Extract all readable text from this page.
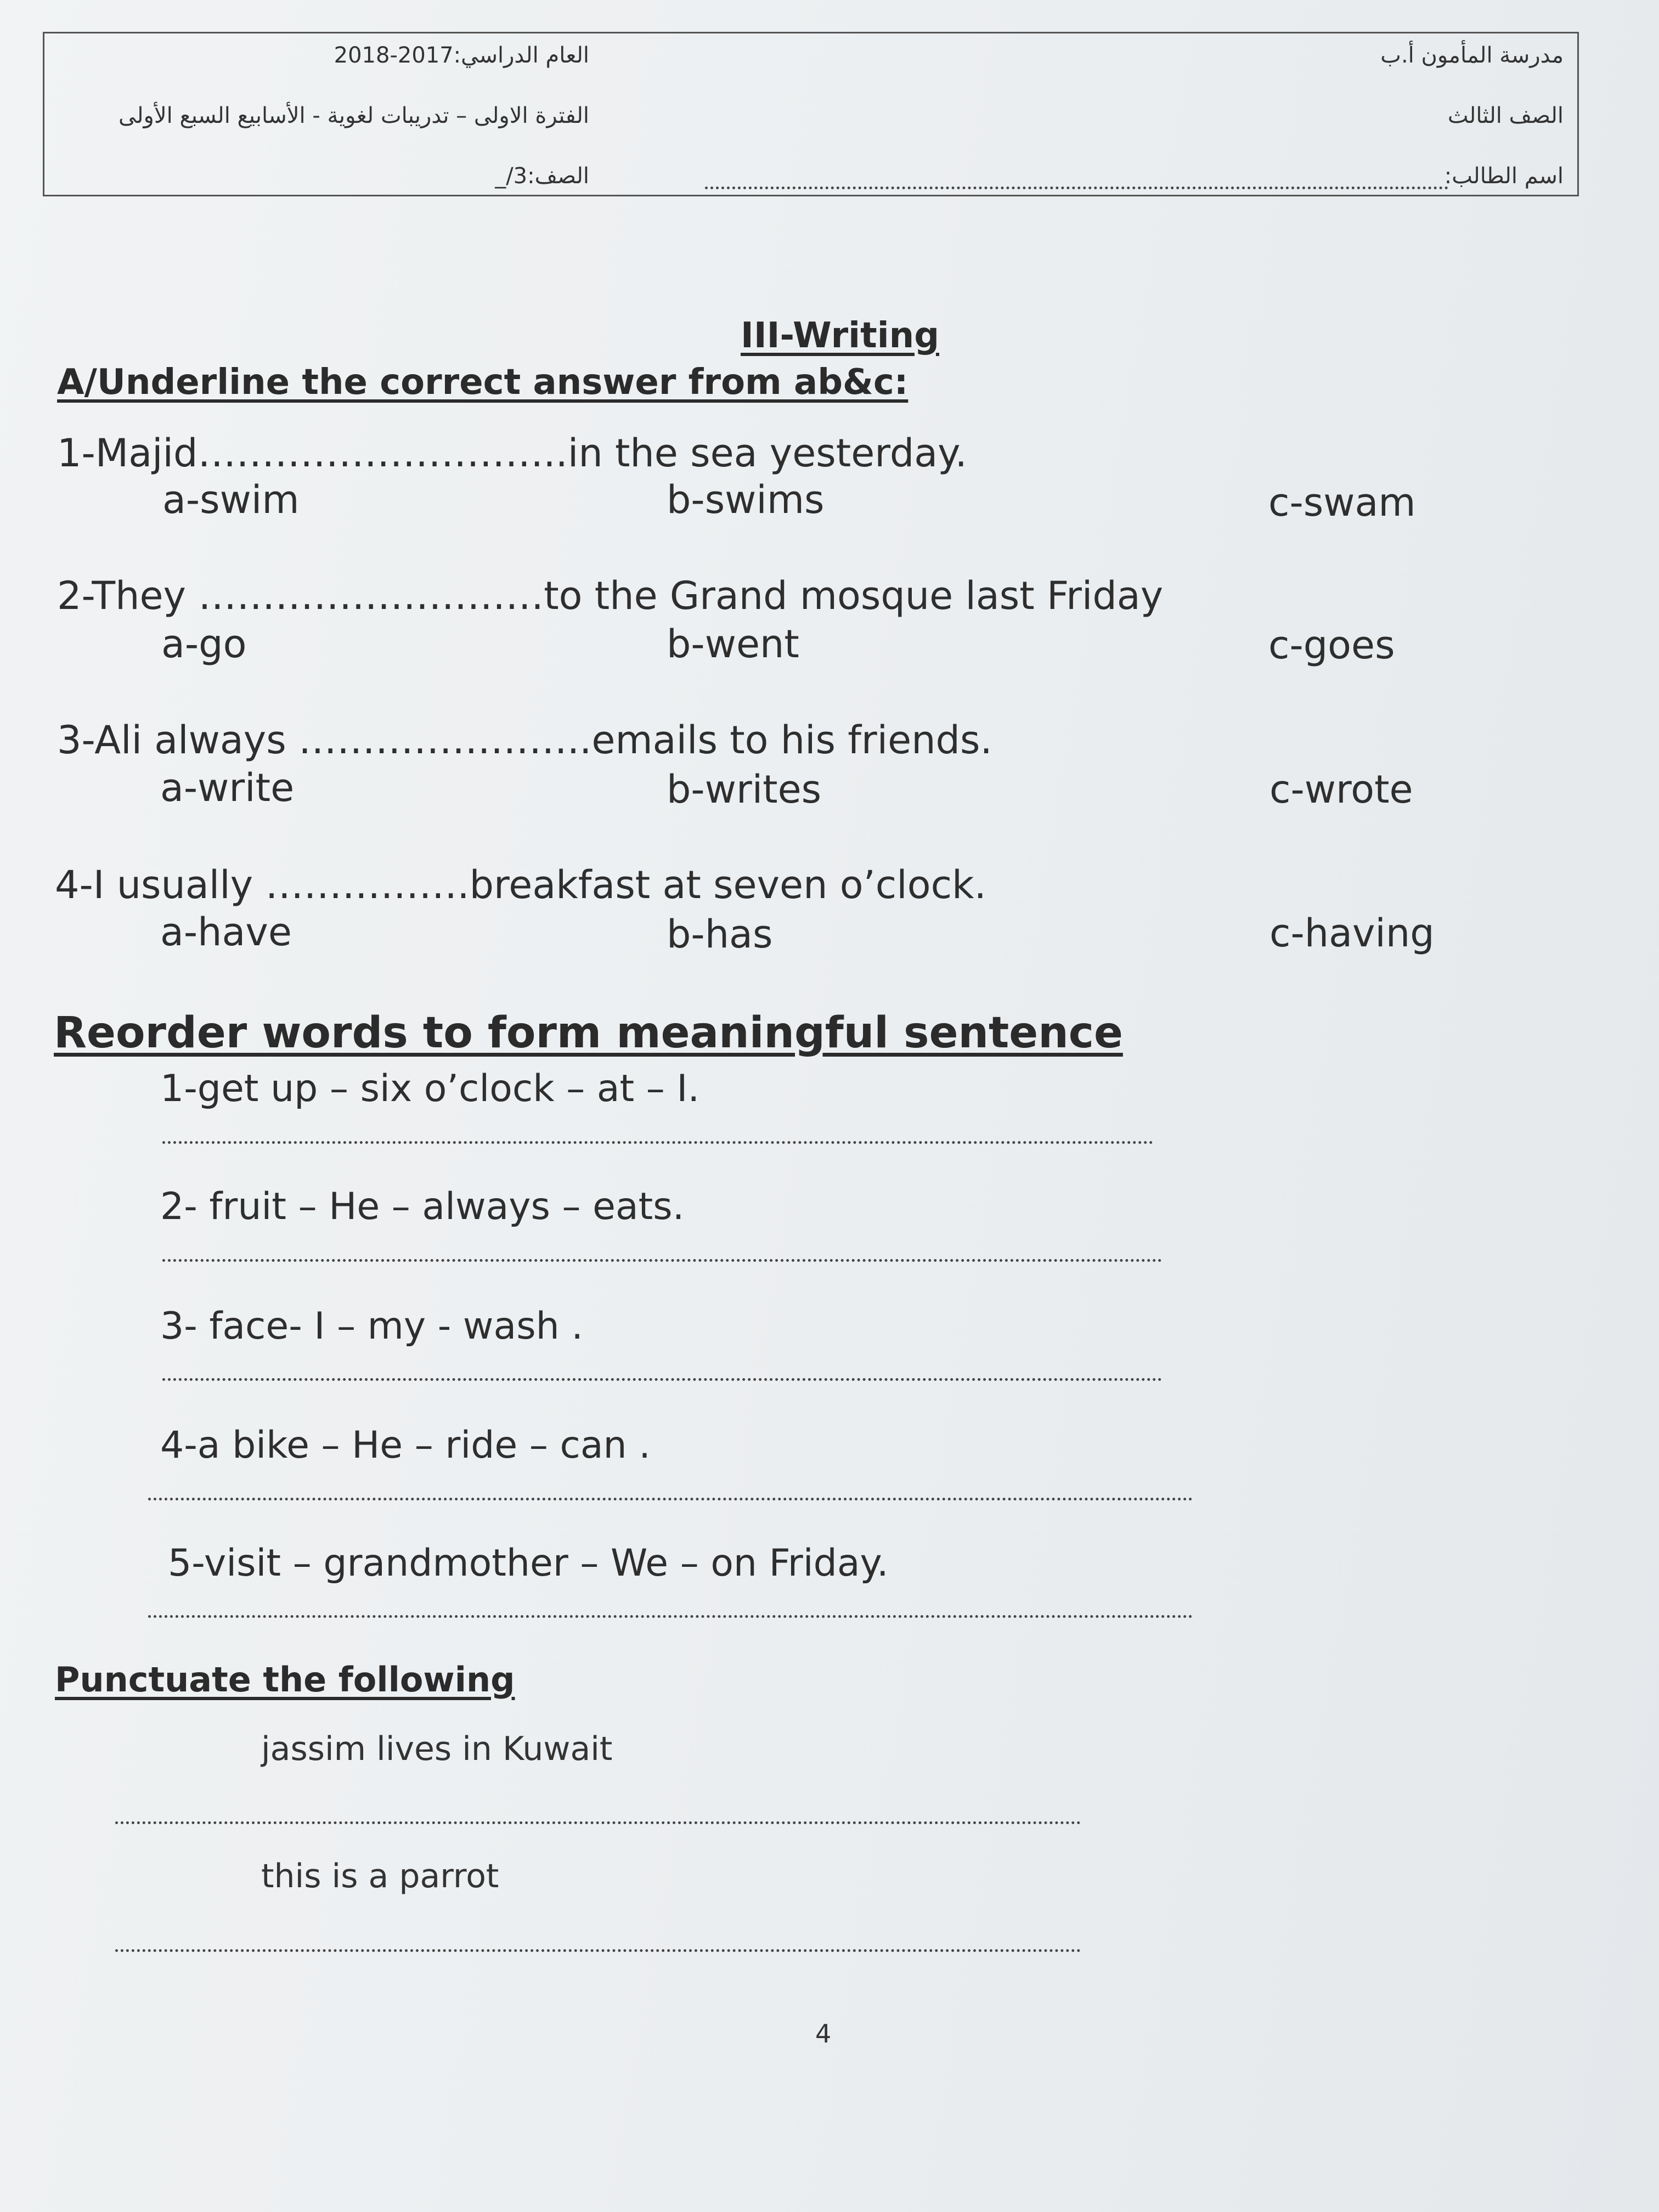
مدرسة المأمون أ.ب
الصف الثالث
اسم الطالب:
العام الدراسي:2017-2018
الفترة الاولى – تدريبات لغوية - الأسابيع السبع الأولى
الصف:3/_
III-Writing
A/Underline the correct answer from ab&c:
1-Majid………………………..in the sea yesterday.
a-swim	b-swims	c-swam
2-They ………………………to the Grand mosque last Friday
a-go	b-went	c-goes
3-Ali always …………………..emails to his friends.
a-write	b-writes	c-wrote
4-I usually …………….breakfast at seven o’clock.
a-have	b-has	c-having
Reorder words to form meaningful sentence
1-get up – six o’clock – at – I.
2- fruit – He – always – eats.
3- face- I – my - wash .
4-a bike – He – ride – can .
5-visit – grandmother – We – on Friday.
Punctuate the following
jassim lives in Kuwait
this is a parrot
4
